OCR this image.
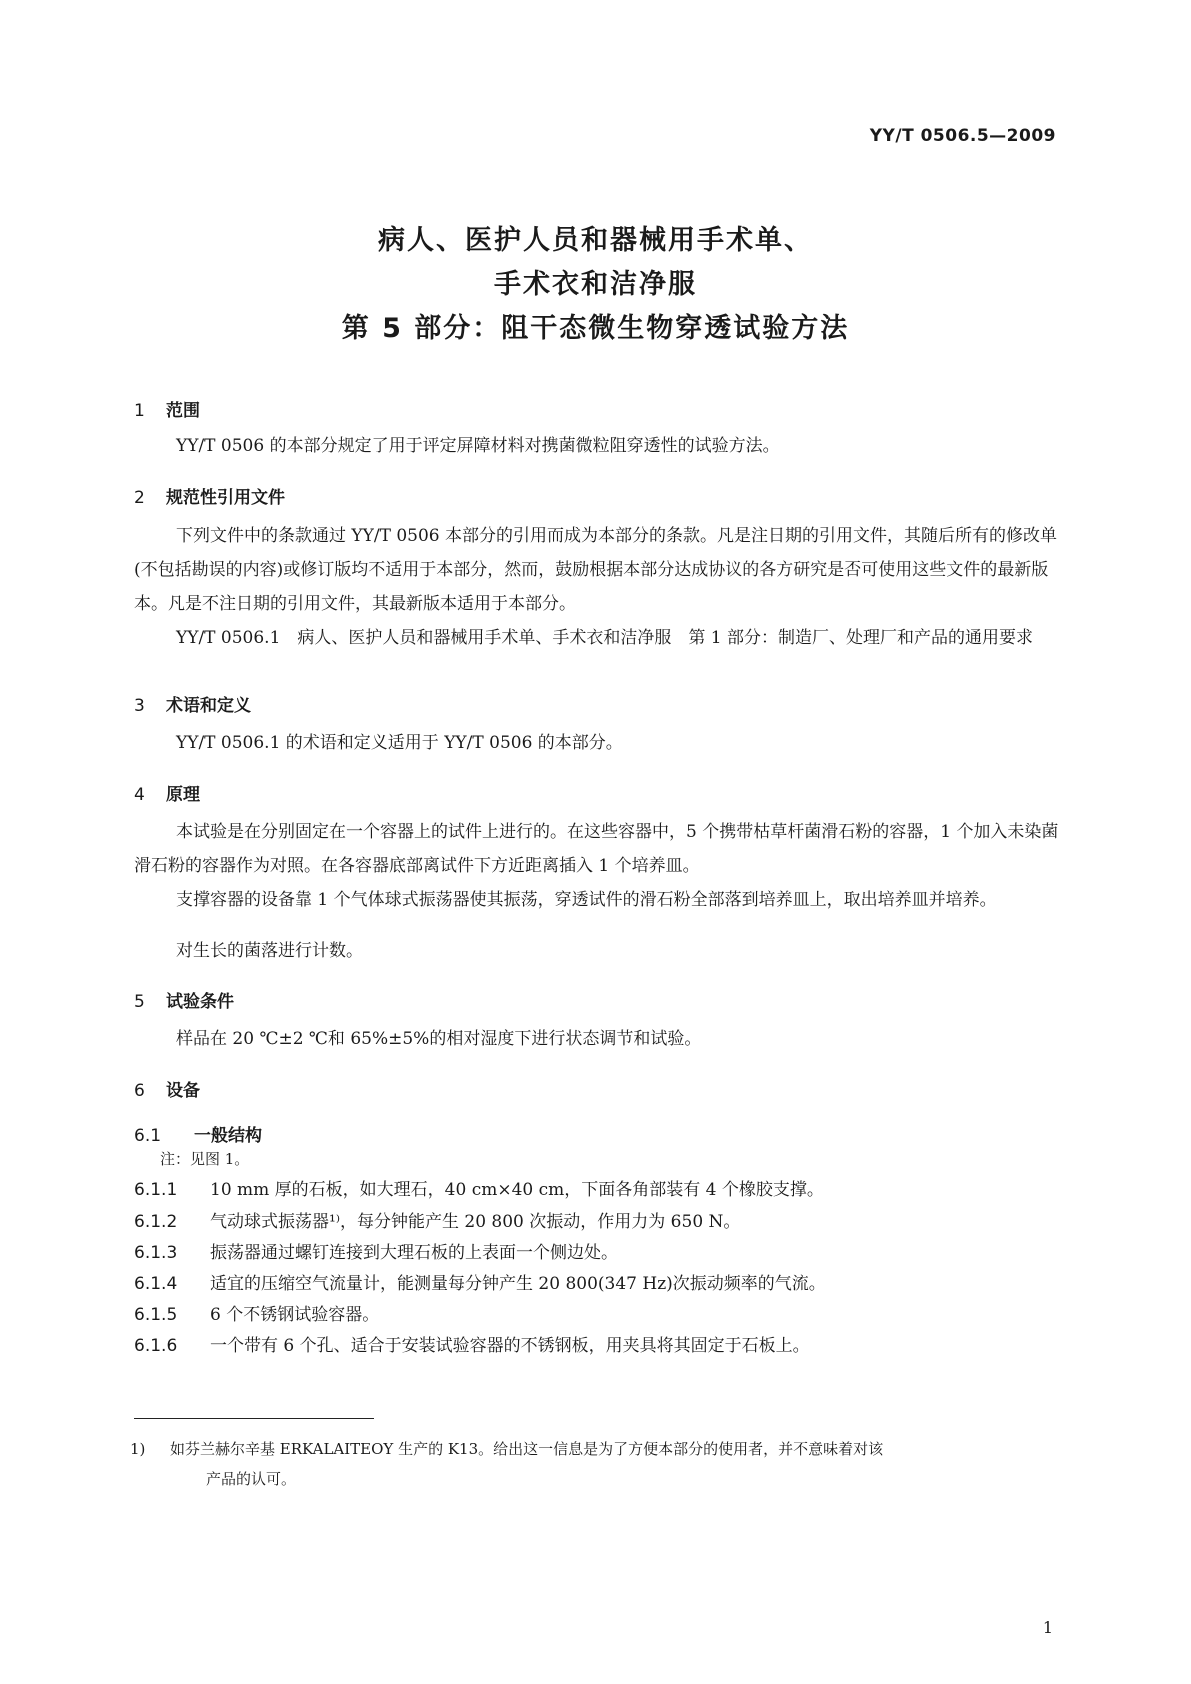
YY/T 0506.5—2009
病人、医护人员和器械用手术单、
手术衣和洁净服
第 5 部分：阻干态微生物穿透试验方法
1 范围
YY/T 0506 的本部分规定了用于评定屏障材料对携菌微粒阻穿透性的试验方法。
2 规范性引用文件
下列文件中的条款通过 YY/T 0506 本部分的引用而成为本部分的条款。凡是注日期的引用文件，其随后所有的修改单(不包括勘误的内容)或修订版均不适用于本部分，然而，鼓励根据本部分达成协议的各方研究是否可使用这些文件的最新版本。凡是不注日期的引用文件，其最新版本适用于本部分。
YY/T 0506.1　病人、医护人员和器械用手术单、手术衣和洁净服　第 1 部分：制造厂、处理厂和产品的通用要求
3 术语和定义
YY/T 0506.1 的术语和定义适用于 YY/T 0506 的本部分。
4 原理
本试验是在分别固定在一个容器上的试件上进行的。在这些容器中，5 个携带枯草杆菌滑石粉的容器，1 个加入未染菌滑石粉的容器作为对照。在各容器底部离试件下方近距离插入 1 个培养皿。
支撑容器的设备靠 1 个气体球式振荡器使其振荡，穿透试件的滑石粉全部落到培养皿上，取出培养皿并培养。
对生长的菌落进行计数。
5 试验条件
样品在 20 ℃±2 ℃和 65%±5%的相对湿度下进行状态调节和试验。
6 设备
6.1 一般结构
注：见图 1。
6.1.1 10 mm 厚的石板，如大理石，40 cm×40 cm，下面各角部装有 4 个橡胶支撑。
6.1.2 气动球式振荡器¹⁾，每分钟能产生 20 800 次振动，作用力为 650 N。
6.1.3 振荡器通过螺钉连接到大理石板的上表面一个侧边处。
6.1.4 适宜的压缩空气流量计，能测量每分钟产生 20 800(347 Hz)次振动频率的气流。
6.1.5 6 个不锈钢试验容器。
6.1.6 一个带有 6 个孔、适合于安装试验容器的不锈钢板，用夹具将其固定于石板上。
1) 如芬兰赫尔辛基 ERKALAITEOY 生产的 K13。给出这一信息是为了方便本部分的使用者，并不意味着对该
产品的认可。
1
